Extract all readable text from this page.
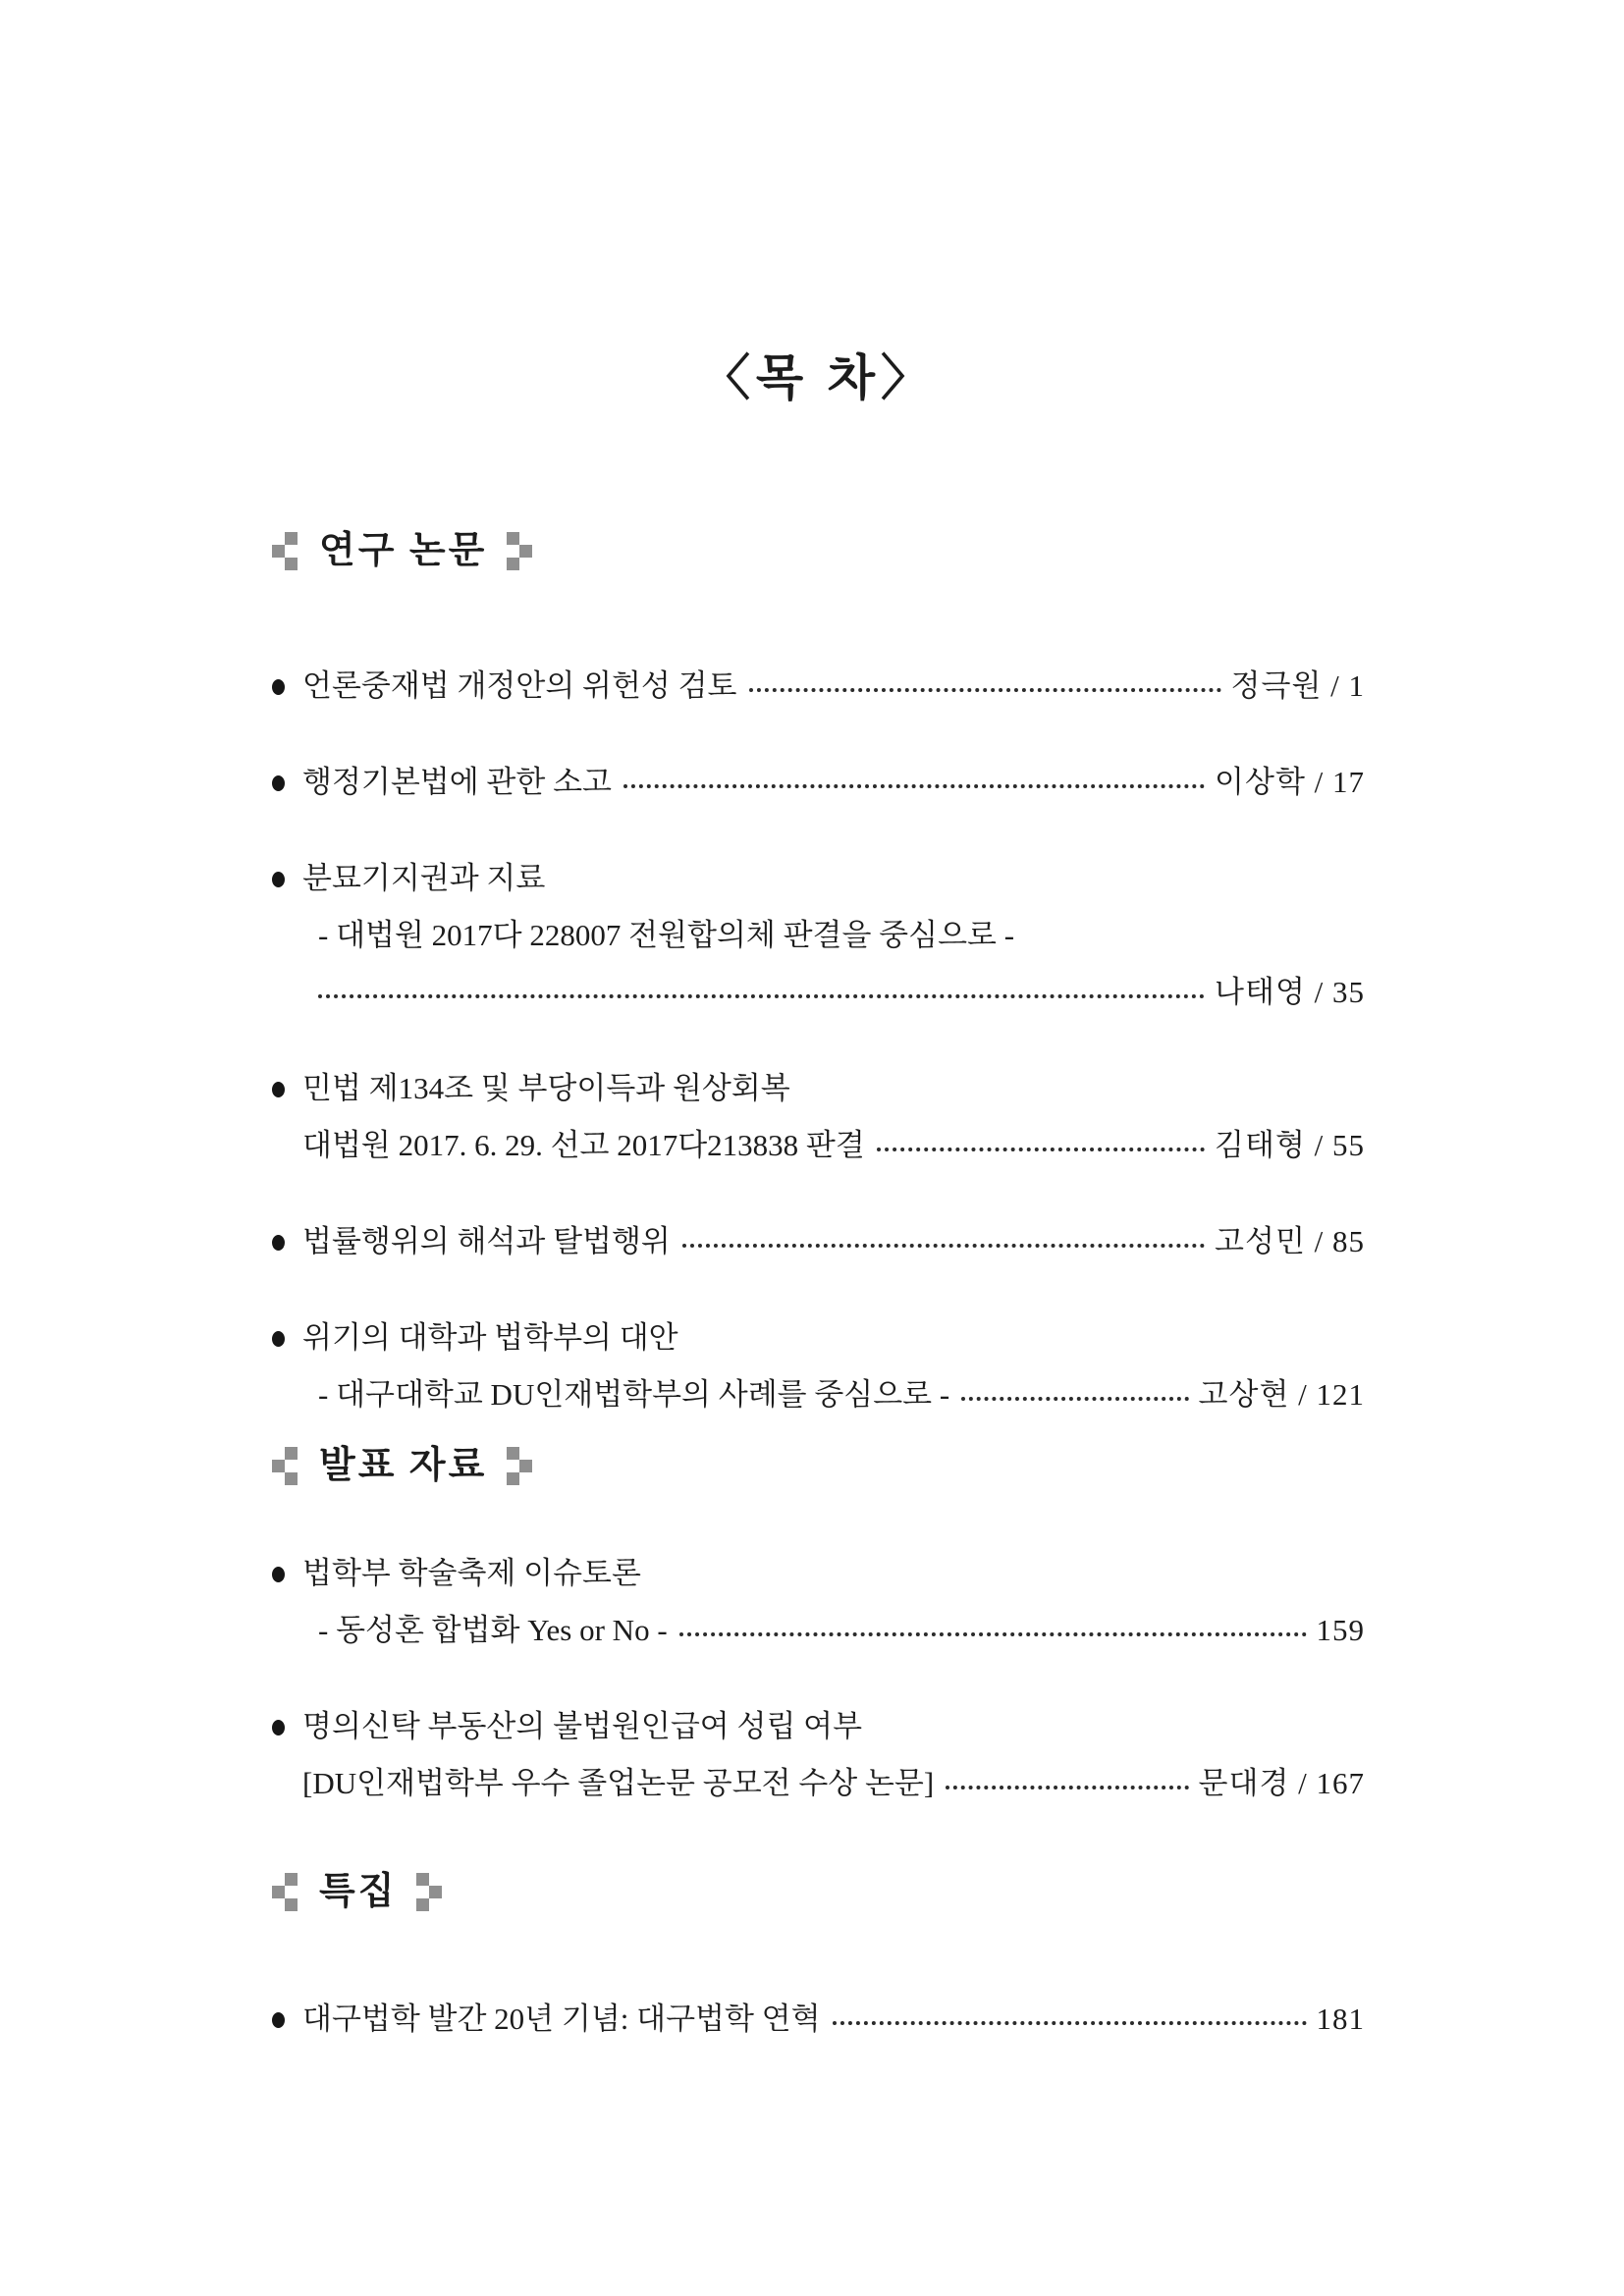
〈목 차〉
연구 논문
언론중재법 개정안의 위헌성 검토	정극원 / 1
행정기본법에 관한 소고	이상학 / 17
분묘기지권과 지료
- 대법원 2017다 228007 전원합의체 판결을 중심으로 -
나태영 / 35
민법 제134조 및 부당이득과 원상회복
대법원 2017. 6. 29. 선고 2017다213838 판결	김태형 / 55
법률행위의 해석과 탈법행위	고성민 / 85
위기의 대학과 법학부의 대안
- 대구대학교 DU인재법학부의 사례를 중심으로 -	고상현 / 121
발표 자료
법학부 학술축제 이슈토론
- 동성혼 합법화 Yes or No -	159
명의신탁 부동산의 불법원인급여 성립 여부
[DU인재법학부 우수 졸업논문 공모전 수상 논문]	문대경 / 167
특집
대구법학 발간 20년 기념: 대구법학 연혁	181
